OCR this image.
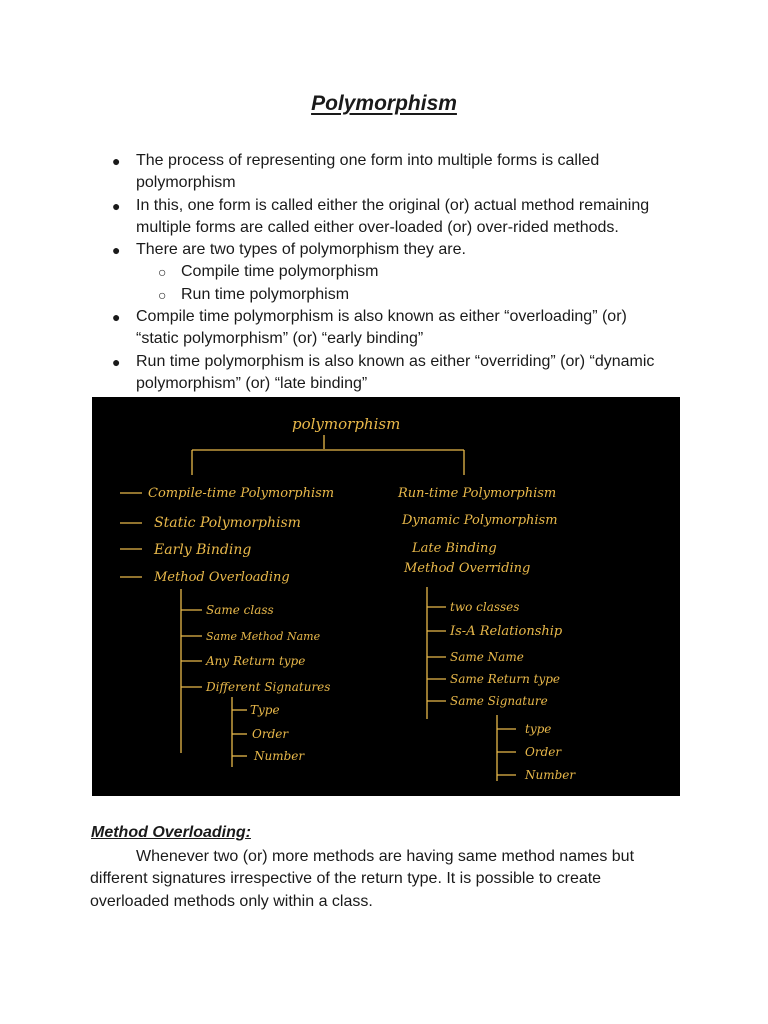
Polymorphism
● The process of representing one form into multiple forms is called polymorphism
● In this, one form is called either the original (or) actual method remaining multiple forms are called either over-loaded (or) over-rided methods.
● There are two types of polymorphism they are.
○ Compile time polymorphism
○ Run time polymorphism
● Compile time polymorphism is also known as either “overloading” (or) “static polymorphism” (or) “early binding”
● Run time polymorphism is also known as either “overriding” (or) “dynamic polymorphism” (or) “late binding”
polymorphism
Compile-time Polymorphism
Static Polymorphism
Early Binding
Method Overloading
Same class
Same Method Name
Any Return type
Different Signatures
Type
Order
Number
Run-time Polymorphism
Dynamic Polymorphism
Late Binding
Method Overriding
two classes
Is-A Relationship
Same Name
Same Return type
Same Signature
type
Order
Number
Method Overloading:
Whenever two (or) more methods are having same method names but different signatures irrespective of the return type. It is possible to create overloaded methods only within a class.
